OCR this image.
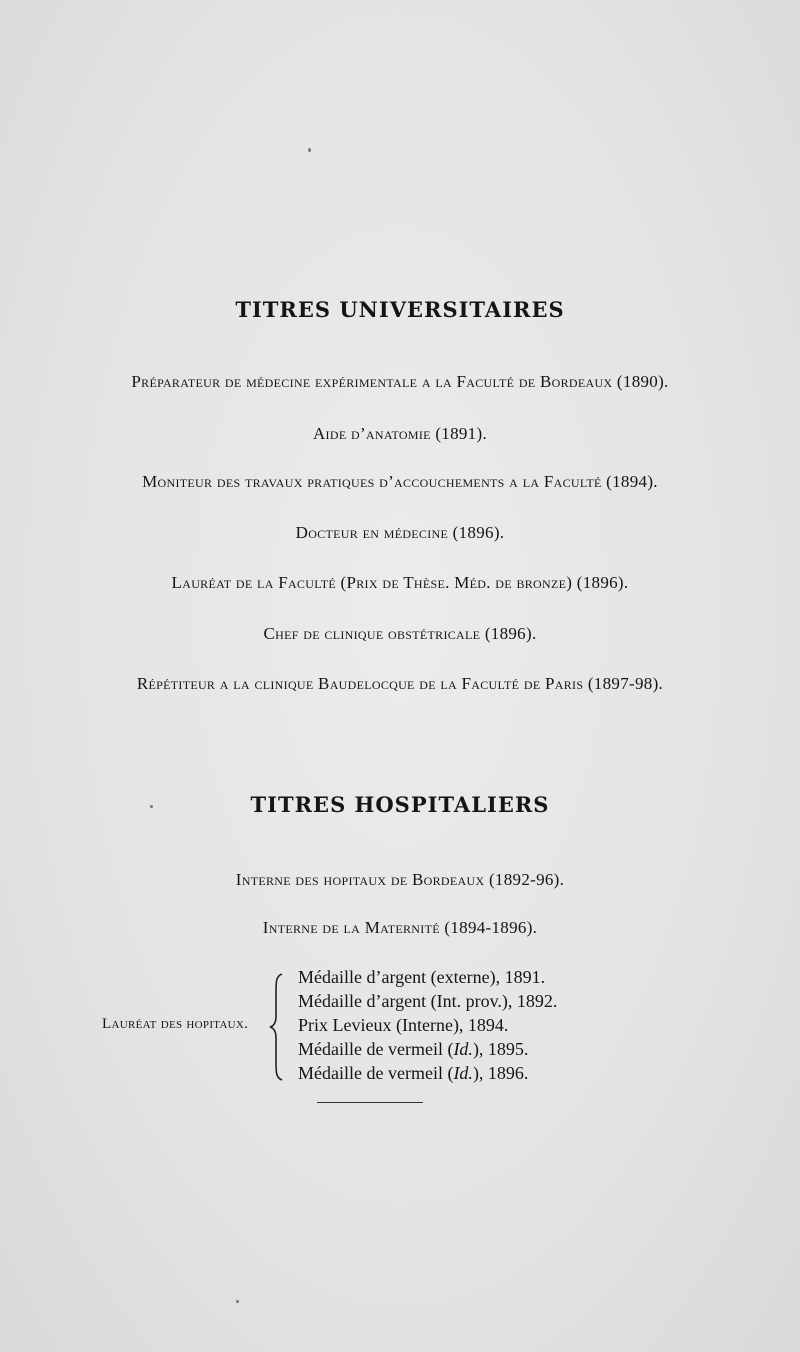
TITRES UNIVERSITAIRES
Préparateur de médecine expérimentale a la Faculté de Bordeaux (1890).
Aide d’anatomie (1891).
Moniteur des travaux pratiques d’accouchements a la Faculté (1894).
Docteur en médecine (1896).
Lauréat de la Faculté (Prix de Thèse. Méd. de bronze) (1896).
Chef de clinique obstétricale (1896).
Répétiteur a la clinique Baudelocque de la Faculté de Paris (1897-98).
TITRES HOSPITALIERS
Interne des hopitaux de Bordeaux (1892-96).
Interne de la Maternité (1894-1896).
Lauréat des hopitaux.
Médaille d’argent (externe), 1891.
Médaille d’argent (Int. prov.), 1892.
Prix Levieux (Interne), 1894.
Médaille de vermeil (Id.), 1895.
Médaille de vermeil (Id.), 1896.
